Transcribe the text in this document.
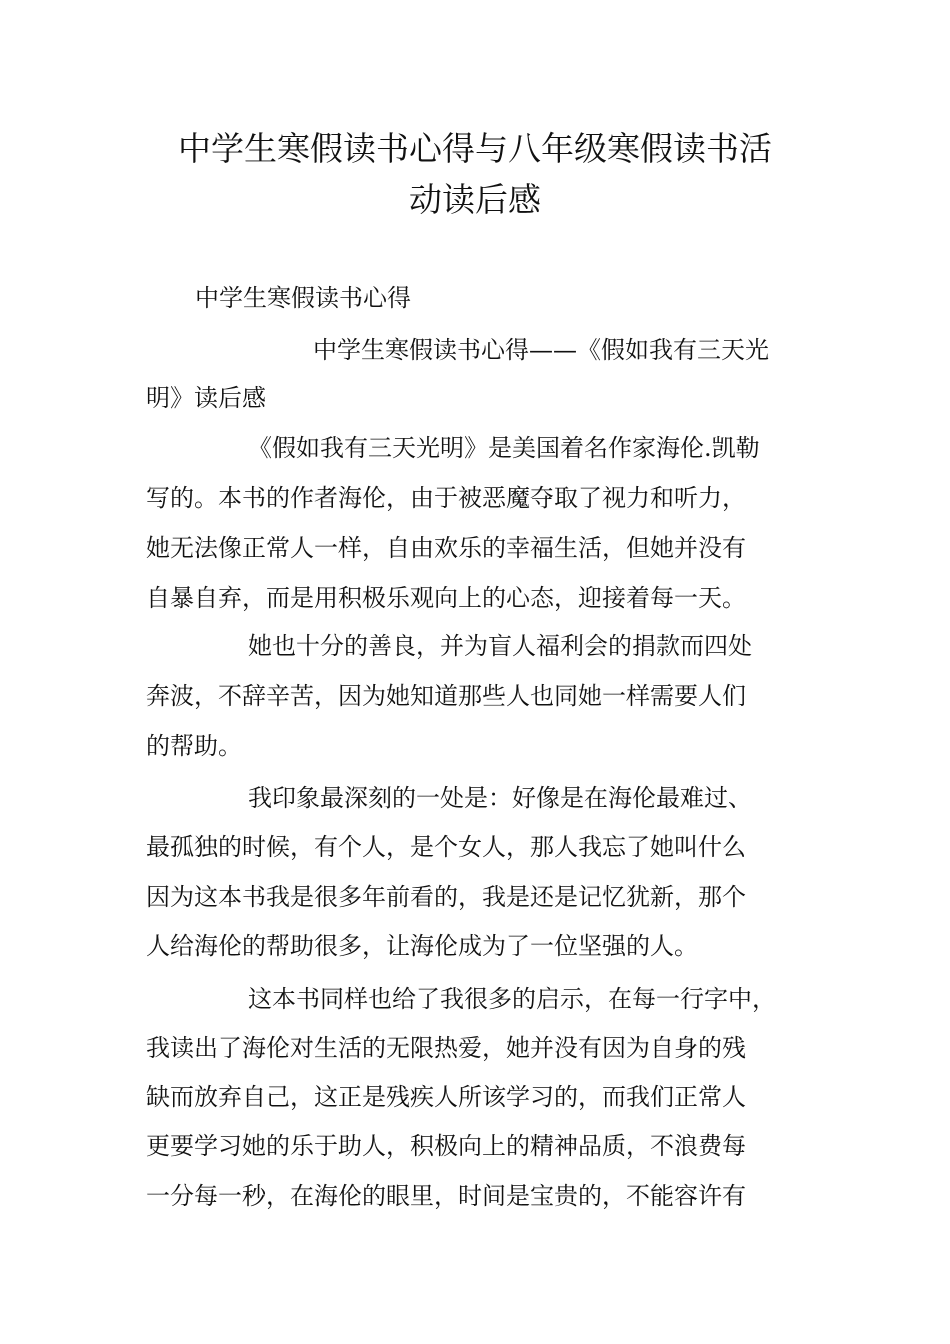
中学生寒假读书心得与八年级寒假读书活
动读后感

中学生寒假读书心得

中学生寒假读书心得——《假如我有三天光

明》读后感

《假如我有三天光明》是美国着名作家海伦.凯勒

写的。本书的作者海伦，由于被恶魔夺取了视力和听力，

她无法像正常人一样，自由欢乐的幸福生活，但她并没有

自暴自弃，而是用积极乐观向上的心态，迎接着每一天。

她也十分的善良，并为盲人福利会的捐款而四处

奔波，不辞辛苦，因为她知道那些人也同她一样需要人们

的帮助。

我印象最深刻的一处是：好像是在海伦最难过、

最孤独的时候，有个人，是个女人，那人我忘了她叫什么

因为这本书我是很多年前看的，我是还是记忆犹新，那个

人给海伦的帮助很多，让海伦成为了一位坚强的人。

这本书同样也给了我很多的启示，在每一行字中，

我读出了海伦对生活的无限热爱，她并没有因为自身的残

缺而放弃自己，这正是残疾人所该学习的，而我们正常人

更要学习她的乐于助人，积极向上的精神品质，不浪费每

一分每一秒，在海伦的眼里，时间是宝贵的，不能容许有
